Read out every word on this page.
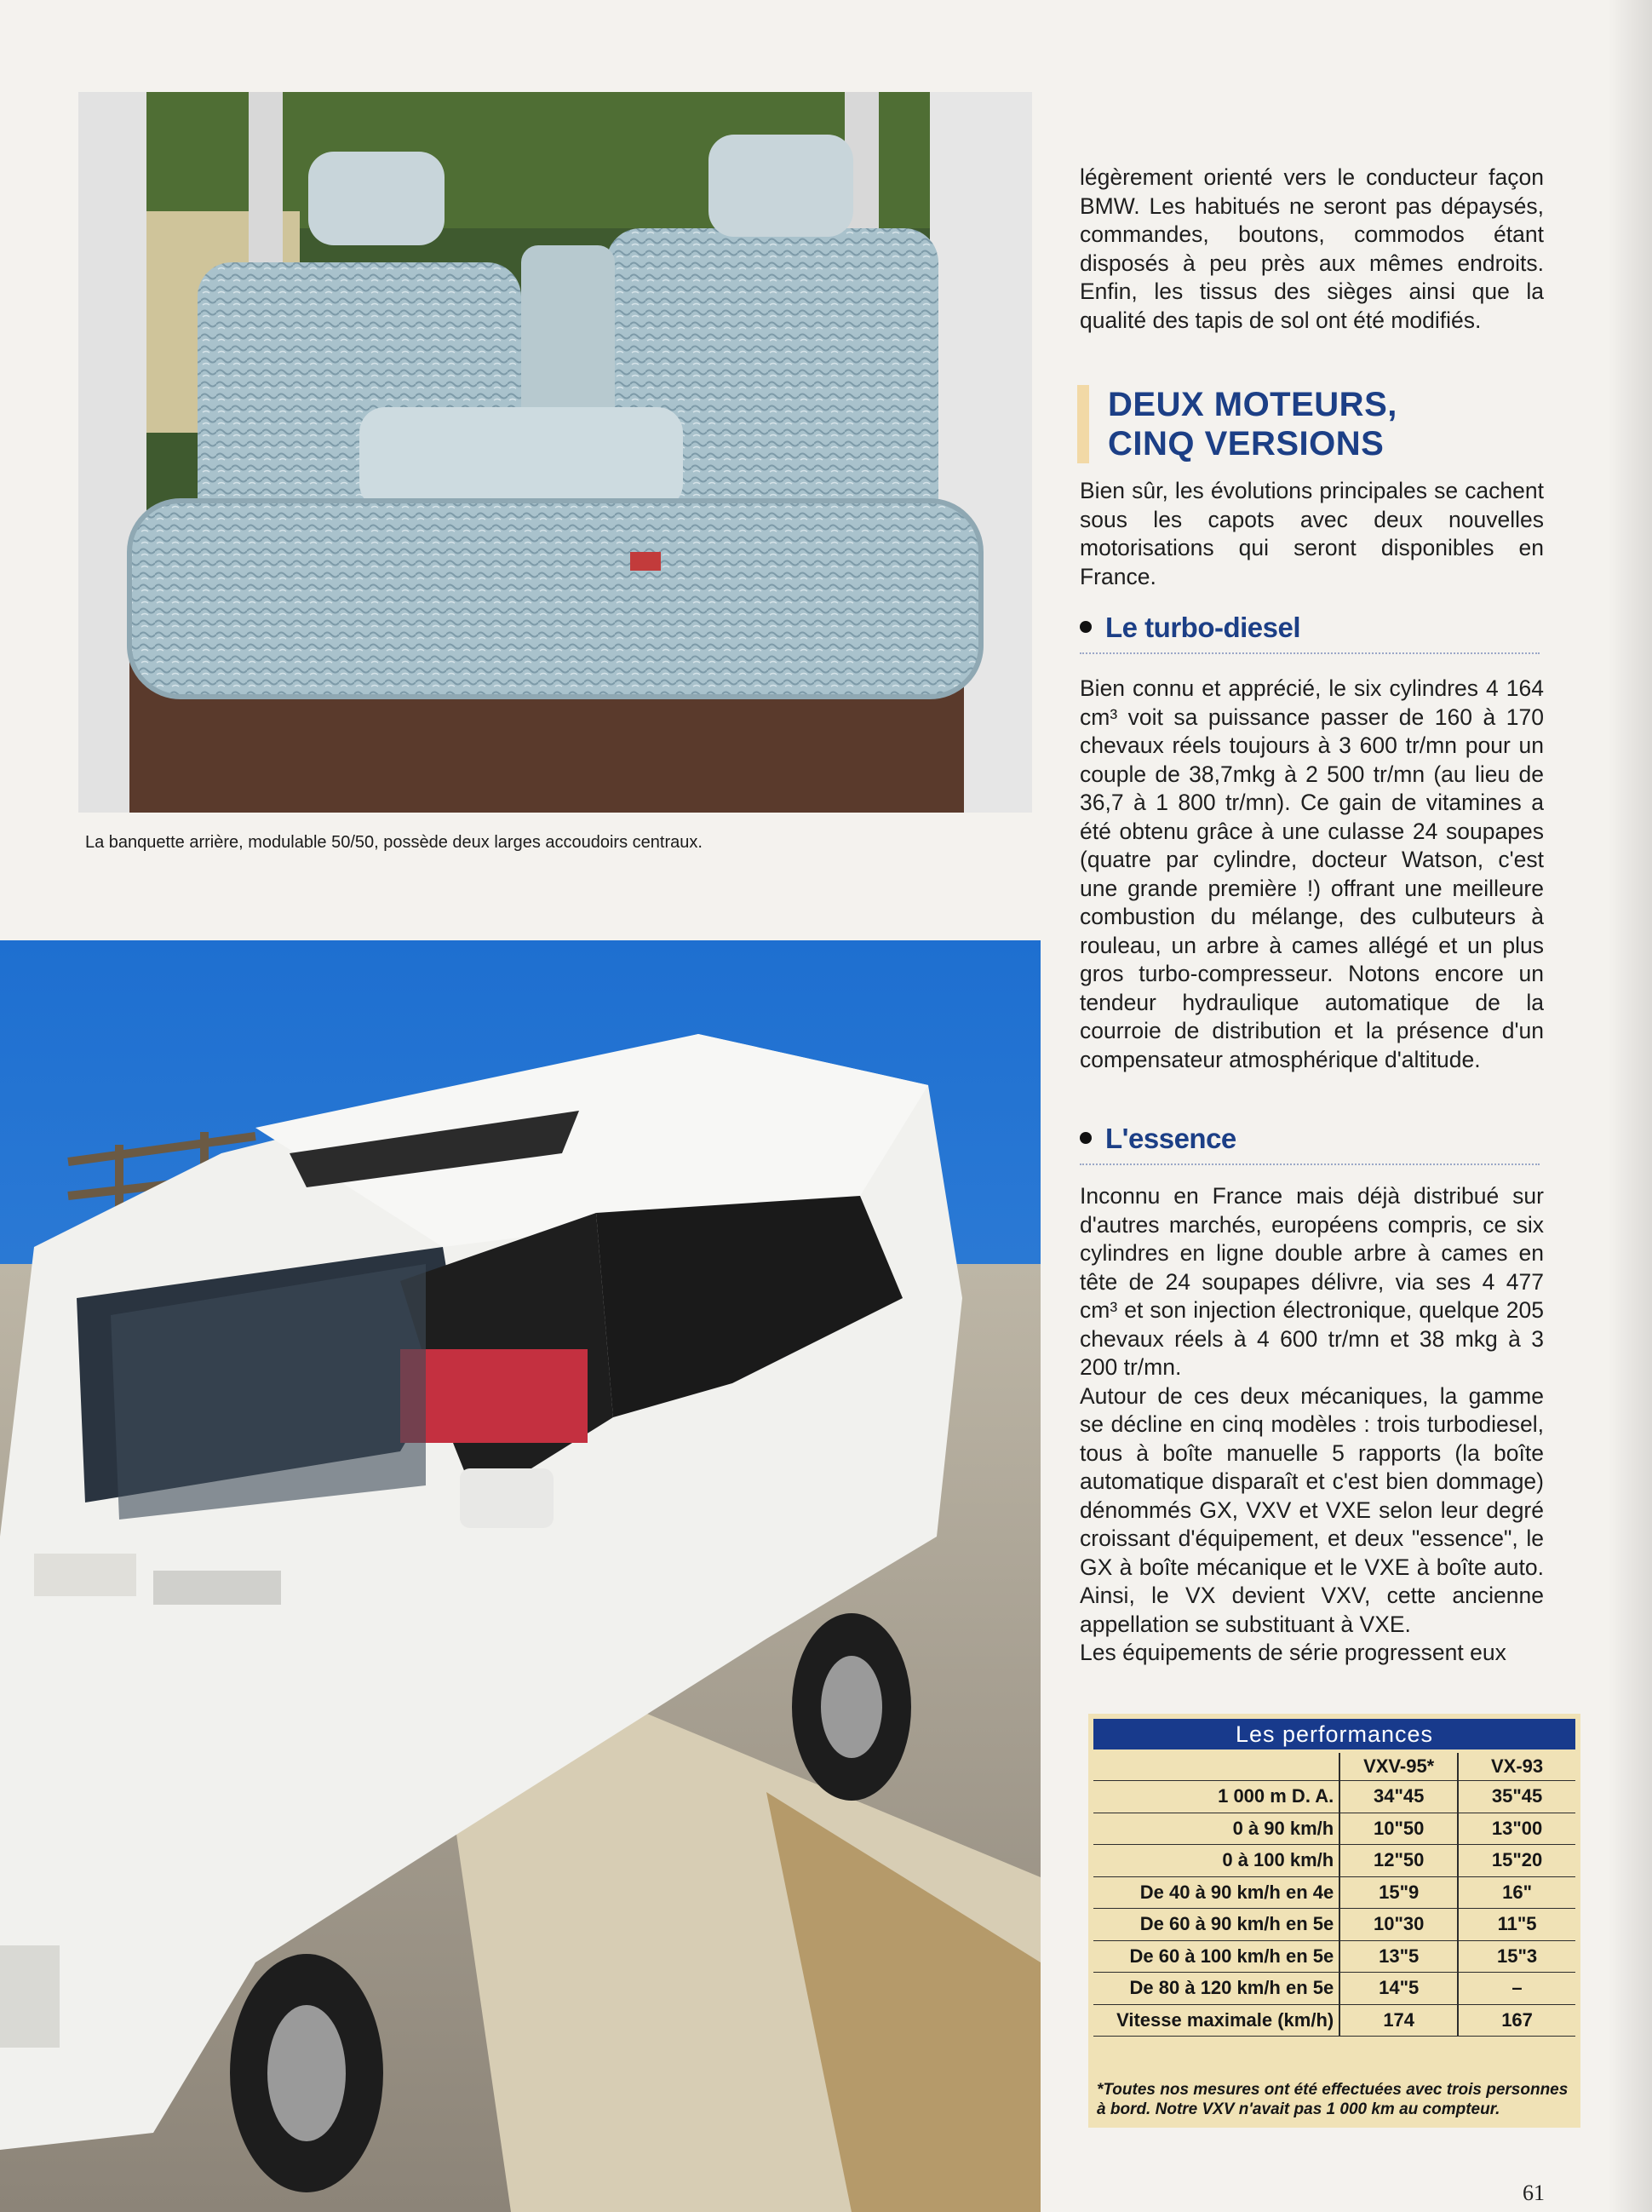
La banquette arrière, modulable 50/50, possède deux larges accoudoirs centraux.

légèrement orienté vers le conducteur façon BMW. Les habitués ne seront pas dépaysés, commandes, boutons, commodos étant disposés à peu près aux mêmes endroits. Enfin, les tissus des sièges ainsi que la qualité des tapis de sol ont été modifiés.

DEUX MOTEURS,
CINQ VERSIONS

Bien sûr, les évolutions principales se cachent sous les capots avec deux nouvelles motorisations qui seront disponibles en France.

Le turbo-diesel

Bien connu et apprécié, le six cylindres 4 164 cm³ voit sa puissance passer de 160 à 170 chevaux réels toujours à 3 600 tr/mn pour un couple de 38,7mkg à 2 500 tr/mn (au lieu de 36,7 à 1 800 tr/mn). Ce gain de vitamines a été obtenu grâce à une culasse 24 soupapes (quatre par cylindre, docteur Watson, c'est une grande première !) offrant une meilleure combustion du mélange, des culbuteurs à rouleau, un arbre à cames allégé et un plus gros turbo-compresseur. Notons encore un tendeur hydraulique automatique de la courroie de distribution et la présence d'un compensateur atmosphérique d'altitude.

L'essence

Inconnu en France mais déjà distribué sur d'autres marchés, européens compris, ce six cylindres en ligne double arbre à cames en tête de 24 soupapes délivre, via ses 4 477 cm³ et son injection électronique, quelque 205 chevaux réels à 4 600 tr/mn et 38 mkg à 3 200 tr/mn.

Autour de ces deux mécaniques, la gamme se décline en cinq modèles : trois turbodiesel, tous à boîte manuelle 5 rapports (la boîte automatique disparaît et c'est bien dommage) dénommés GX, VXV et VXE selon leur degré croissant d'équipement, et deux "essence", le GX à boîte mécanique et le VXE à boîte auto. Ainsi, le VX devient VXV, cette ancienne appellation se substituant à VXE.

Les équipements de série progressent eux

Les performances
	VXV-95*	VX-93
1 000 m D. A.	34"45	35"45
0 à 90 km/h	10"50	13"00
0 à 100 km/h	12"50	15"20
De 40 à 90 km/h en 4e	15"9	16"
De 60 à 90 km/h en 5e	10"30	11"5
De 60 à 100 km/h en 5e	13"5	15"3
De 80 à 120 km/h en 5e	14"5	–
Vitesse maximale (km/h)	174	167
*Toutes nos mesures ont été effectuées avec trois personnes à bord. Notre VXV n'avait pas 1 000 km au compteur.
61
